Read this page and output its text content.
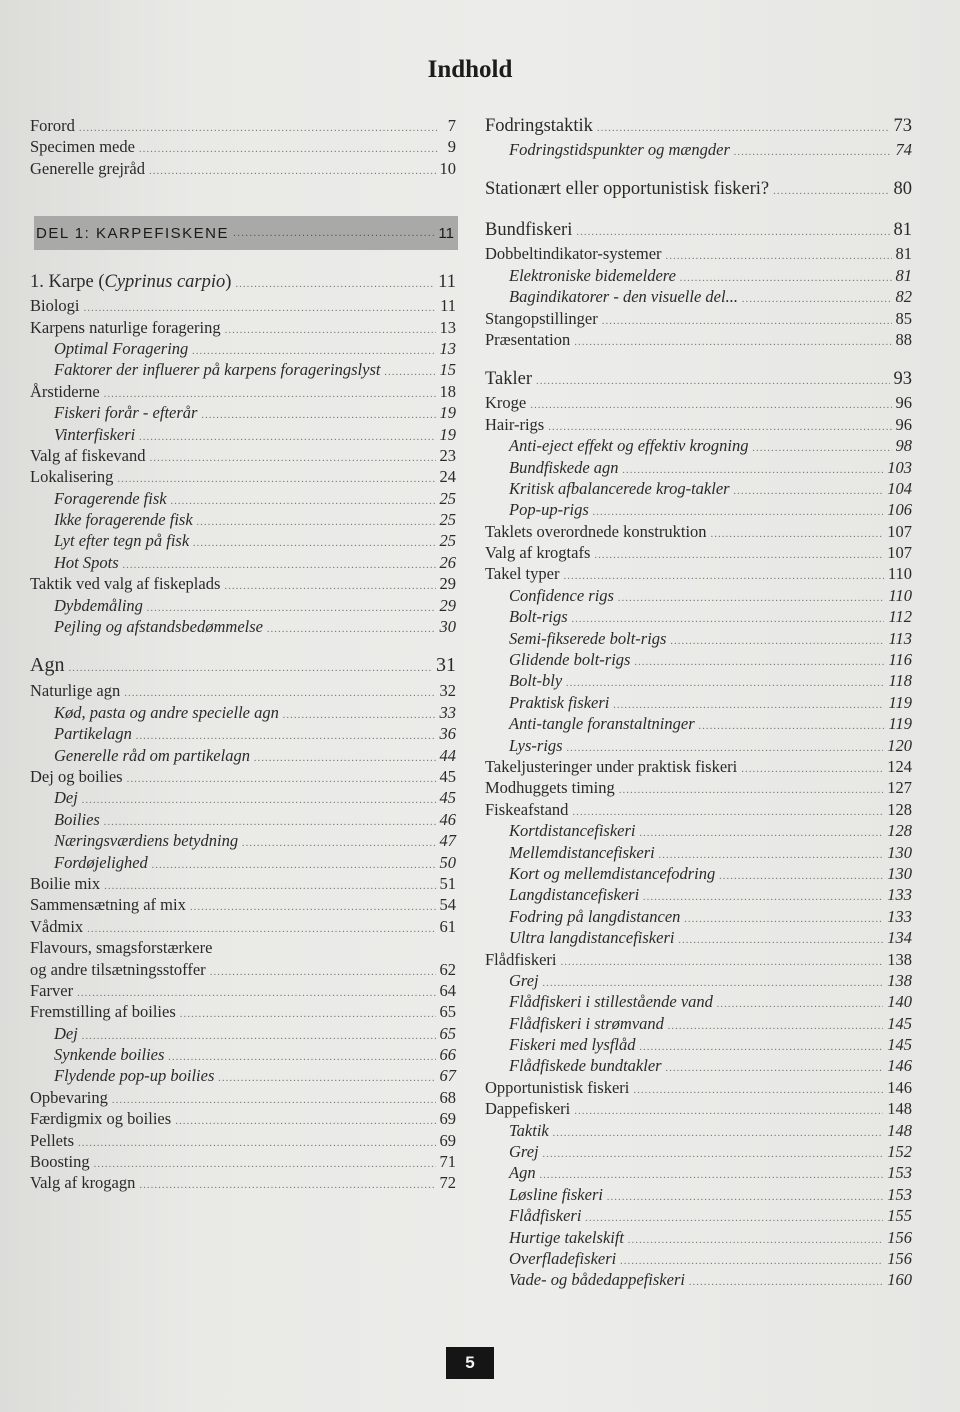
Indhold
Forord .....	7
Specimen mede .....	9
Generelle grejråd .....	10
DEL 1: KARPEFISKENE .....	11
1. Karpe (Cyprinus carpio) .....	11
Biologi .....	11
Karpens naturlige foragering .....	13
Optimal Foragering .....	13
Faktorer der influerer på karpens forageringslyst .....	15
Årstiderne .....	18
Fiskeri forår - efterår .....	19
Vinterfiskeri .....	19
Valg af fiskevand .....	23
Lokalisering .....	24
Foragerende fisk .....	25
Ikke foragerende fisk .....	25
Lyt efter tegn på fisk .....	25
Hot Spots .....	26
Taktik ved valg af fiskeplads .....	29
Dybdemåling .....	29
Pejling og afstandsbedømmelse .....	30
Agn .....	31
Naturlige agn .....	32
Kød, pasta og andre specielle agn .....	33
Partikelagn .....	36
Generelle råd om partikelagn .....	44
Dej og boilies .....	45
Dej .....	45
Boilies .....	46
Næringsværdiens betydning .....	47
Fordøjelighed .....	50
Boilie mix .....	51
Sammensætning af mix .....	54
Vådmix .....	61
Flavours, smagsforstærkere
og andre tilsætningsstoffer .....	62
Farver .....	64
Fremstilling af boilies .....	65
Dej .....	65
Synkende boilies .....	66
Flydende pop-up boilies .....	67
Opbevaring .....	68
Færdigmix og boilies .....	69
Pellets .....	69
Boosting .....	71
Valg af krogagn .....	72
Fodringstaktik .....	73
Fodringstidspunkter og mængder .....	74
Stationært eller opportunistisk fiskeri? .....	80
Bundfiskeri .....	81
Dobbeltindikator-systemer .....	81
Elektroniske bidemeldere .....	81
Bagindikatorer - den visuelle del... .....	82
Stangopstillinger .....	85
Præsentation .....	88
Takler .....	93
Kroge .....	96
Hair-rigs .....	96
Anti-eject effekt og effektiv krogning .....	98
Bundfiskede agn .....	103
Kritisk afbalancerede krog-takler .....	104
Pop-up-rigs .....	106
Taklets overordnede konstruktion .....	107
Valg af krogtafs .....	107
Takel typer .....	110
Confidence rigs .....	110
Bolt-rigs .....	112
Semi-fikserede bolt-rigs .....	113
Glidende bolt-rigs .....	116
Bolt-bly .....	118
Praktisk fiskeri .....	119
Anti-tangle foranstaltninger .....	119
Lys-rigs .....	120
Takeljusteringer under praktisk fiskeri .....	124
Modhuggets timing .....	127
Fiskeafstand .....	128
Kortdistancefiskeri .....	128
Mellemdistancefiskeri .....	130
Kort og mellemdistancefodring .....	130
Langdistancefiskeri .....	133
Fodring på langdistancen .....	133
Ultra langdistancefiskeri .....	134
Flådfiskeri .....	138
Grej .....	138
Flådfiskeri i stillestående vand .....	140
Flådfiskeri i strømvand .....	145
Fiskeri med lysflåd .....	145
Flådfiskede bundtakler .....	146
Opportunistisk fiskeri .....	146
Dappefiskeri .....	148
Taktik .....	148
Grej .....	152
Agn .....	153
Løsline fiskeri .....	153
Flådfiskeri .....	155
Hurtige takelskift .....	156
Overfladefiskeri .....	156
Vade- og bådedappefiskeri .....	160
5
